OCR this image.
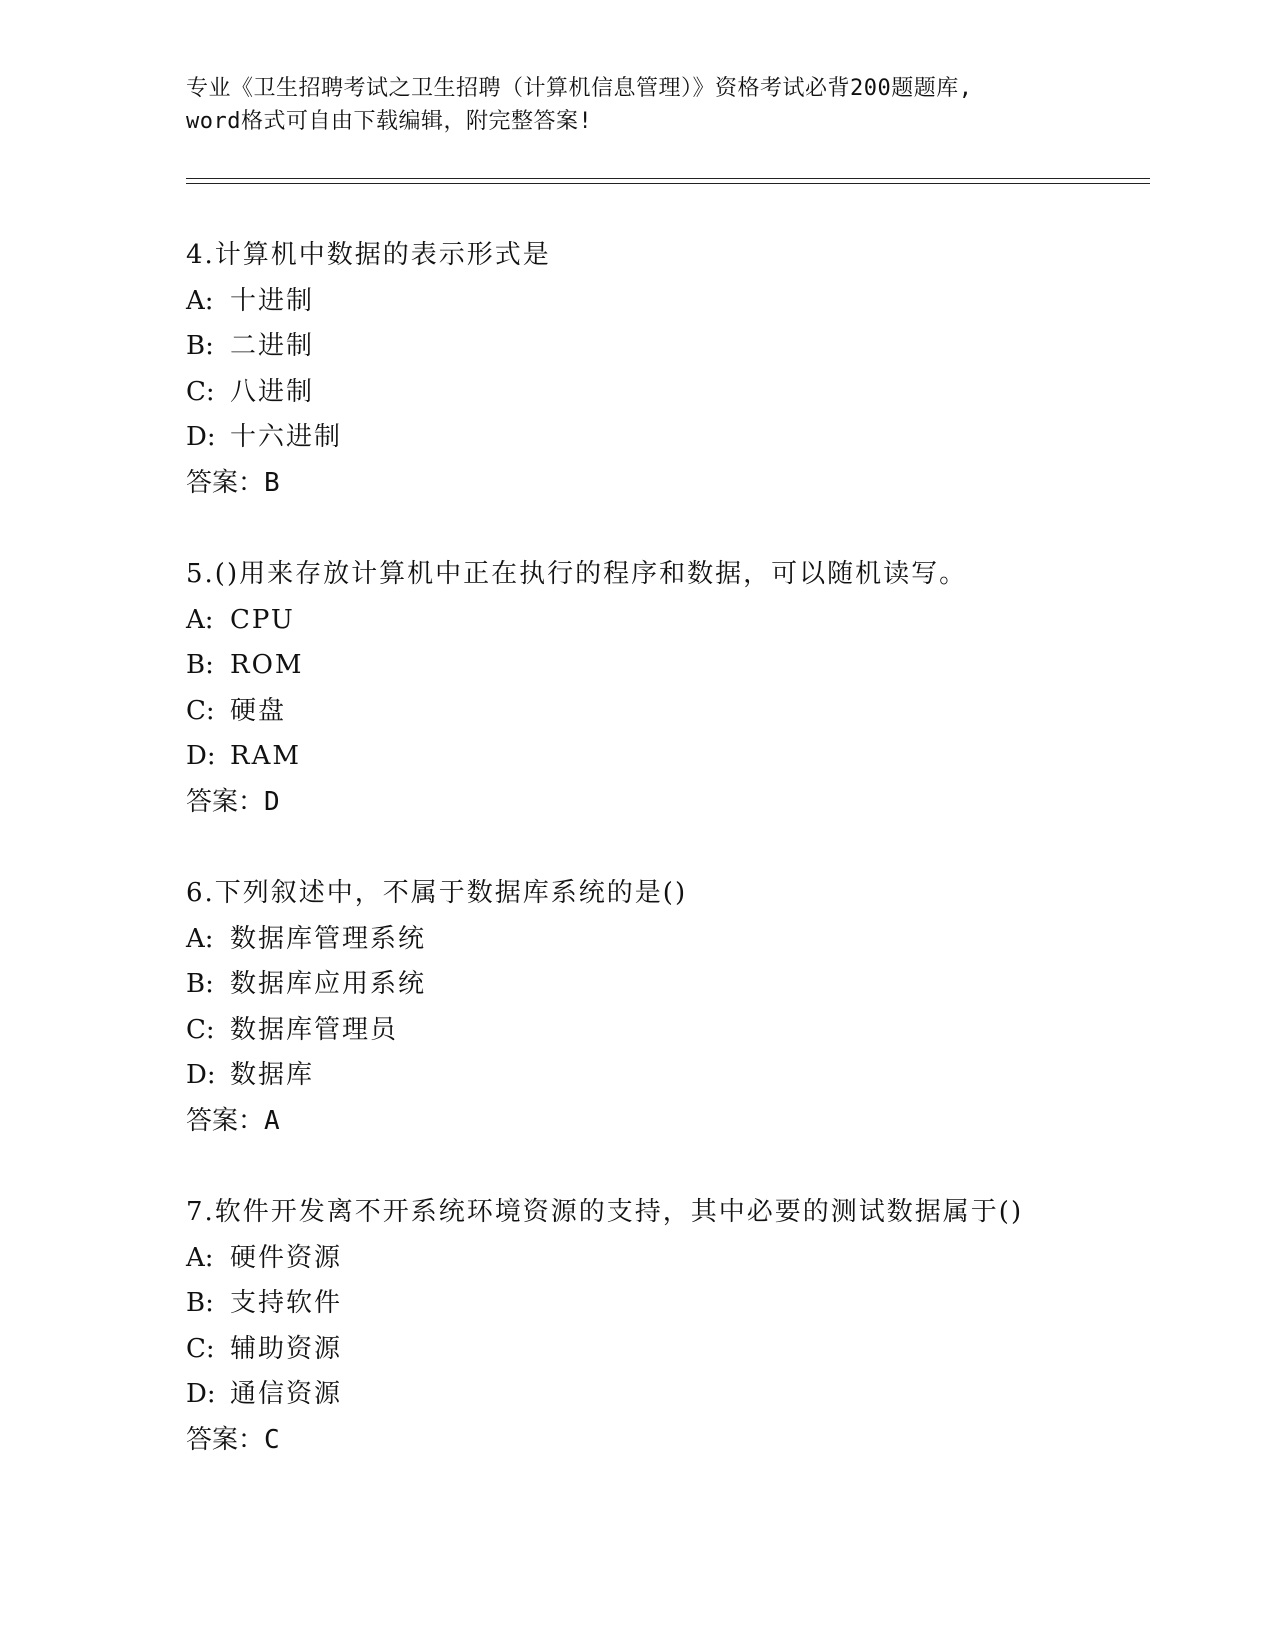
专业《卫生招聘考试之卫生招聘（计算机信息管理）》资格考试必背200题题库,
word格式可自由下载编辑，附完整答案!
4.计算机中数据的表示形式是
A: 十进制
B: 二进制
C: 八进制
D: 十六进制
答案：B
5.()用来存放计算机中正在执行的程序和数据，可以随机读写。
A: CPU
B: ROM
C: 硬盘
D: RAM
答案：D
6.下列叙述中，不属于数据库系统的是()
A: 数据库管理系统
B: 数据库应用系统
C: 数据库管理员
D: 数据库
答案：A
7.软件开发离不开系统环境资源的支持，其中必要的测试数据属于()
A: 硬件资源
B: 支持软件
C: 辅助资源
D: 通信资源
答案：C
